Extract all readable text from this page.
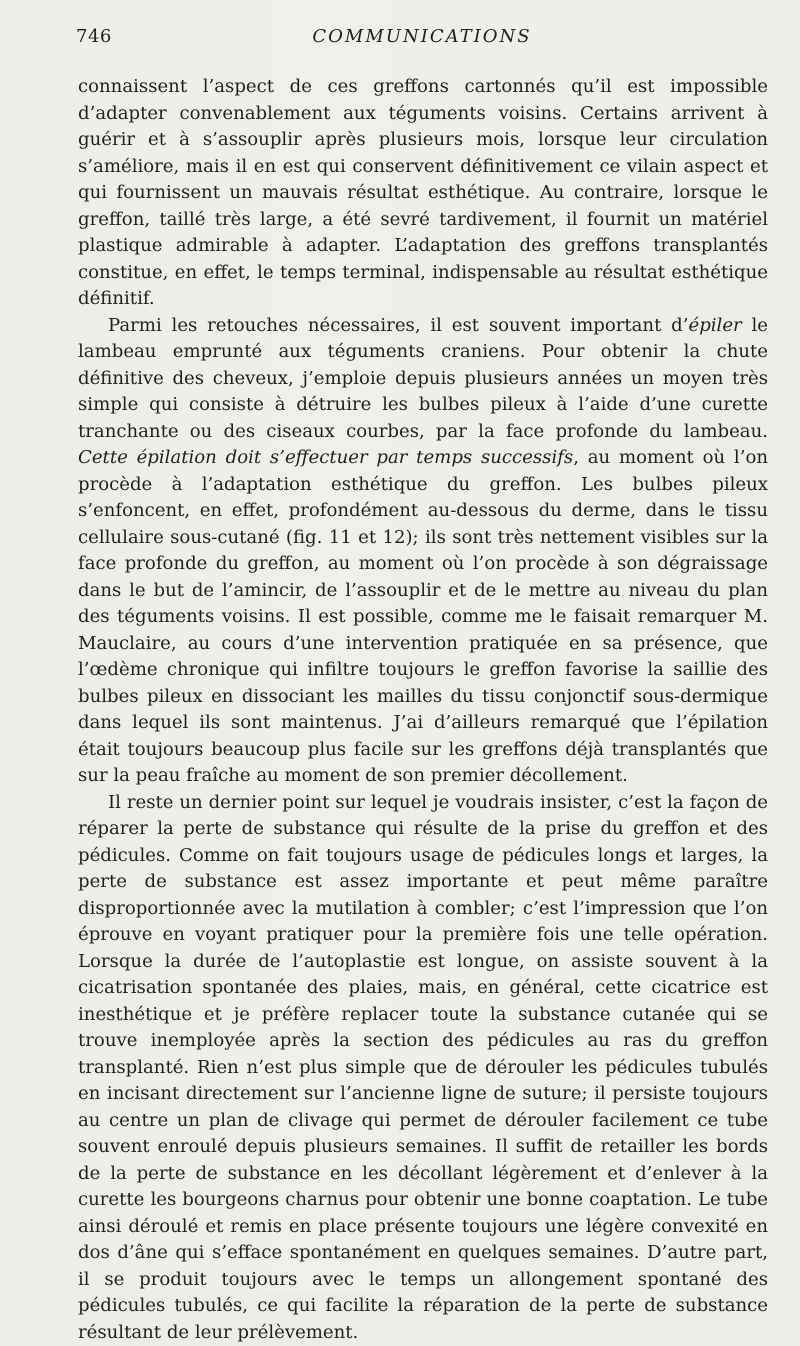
746	COMMUNICATIONS

connaissent l’aspect de ces greffons cartonnés qu’il est impossible d’adapter convenablement aux téguments voisins. Certains arrivent à guérir et à s’assouplir après plusieurs mois, lorsque leur circulation s’améliore, mais il en est qui conservent définitivement ce vilain aspect et qui fournissent un mauvais résultat esthétique. Au contraire, lorsque le greffon, taillé très large, a été sevré tardivement, il fournit un matériel plastique admirable à adapter. L’adaptation des greffons transplantés constitue, en effet, le temps terminal, indispensable au résultat esthétique définitif.

Parmi les retouches nécessaires, il est souvent important d’épiler le lambeau emprunté aux téguments craniens. Pour obtenir la chute définitive des cheveux, j’emploie depuis plusieurs années un moyen très simple qui consiste à détruire les bulbes pileux à l’aide d’une curette tranchante ou des ciseaux courbes, par la face profonde du lambeau. Cette épilation doit s’effectuer par temps successifs, au moment où l’on procède à l’adaptation esthétique du greffon. Les bulbes pileux s’enfoncent, en effet, profondément au-dessous du derme, dans le tissu cellulaire sous-cutané (fig. 11 et 12); ils sont très nettement visibles sur la face profonde du greffon, au moment où l’on procède à son dégraissage dans le but de l’amincir, de l’assouplir et de le mettre au niveau du plan des téguments voisins. Il est possible, comme me le faisait remarquer M. Mauclaire, au cours d’une intervention pratiquée en sa présence, que l’œdème chronique qui infiltre toujours le greffon favorise la saillie des bulbes pileux en dissociant les mailles du tissu conjonctif sous-dermique dans lequel ils sont maintenus. J’ai d’ailleurs remarqué que l’épilation était toujours beaucoup plus facile sur les greffons déjà transplantés que sur la peau fraîche au moment de son premier décollement.

Il reste un dernier point sur lequel je voudrais insister, c’est la façon de réparer la perte de substance qui résulte de la prise du greffon et des pédicules. Comme on fait toujours usage de pédicules longs et larges, la perte de substance est assez importante et peut même paraître disproportionnée avec la mutilation à combler; c’est l’impression que l’on éprouve en voyant pratiquer pour la première fois une telle opération. Lorsque la durée de l’autoplastie est longue, on assiste souvent à la cicatrisation spontanée des plaies, mais, en général, cette cicatrice est inesthétique et je préfère replacer toute la substance cutanée qui se trouve inemployée après la section des pédicules au ras du greffon transplanté. Rien n’est plus simple que de dérouler les pédicules tubulés en incisant directement sur l’ancienne ligne de suture; il persiste toujours au centre un plan de clivage qui permet de dérouler facilement ce tube souvent enroulé depuis plusieurs semaines. Il suffit de retailler les bords de la perte de substance en les décollant légèrement et d’enlever à la curette les bourgeons charnus pour obtenir une bonne coaptation. Le tube ainsi déroulé et remis en place présente toujours une légère convexité en dos d’âne qui s’efface spontanément en quelques semaines. D’autre part, il se produit toujours avec le temps un allongement spontané des pédicules tubulés, ce qui facilite la réparation de la perte de substance résultant de leur prélèvement.
